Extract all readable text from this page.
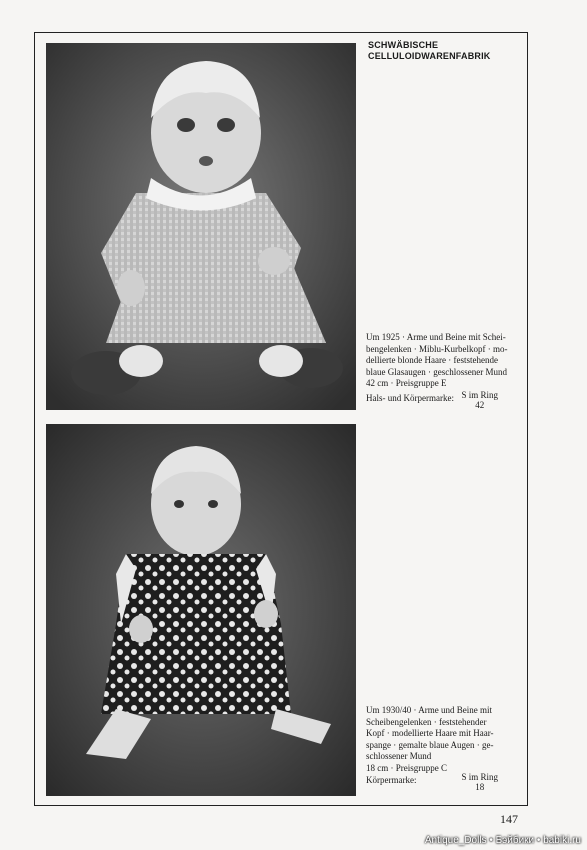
SCHWÄBISCHE
CELLULOIDWARENFABRIK

Um 1925 · Arme und Beine mit Schei-

bengelenken · Miblu-Kurbelkopf · mo-

dellierte blonde Haare · feststehende

blaue Glasaugen · geschlossener Mund

42 cm · Preisgruppe E

Hals- und Körpermarke: S im Ring
42

Um 1930/40 · Arme und Beine mit

Scheibengelenken · feststehender

Kopf · modellierte Haare mit Haar-

spange · gemalte blaue Augen · ge-

schlossener Mund

18 cm · Preisgruppe C

Körpermarke:	S im Ring
18
147
Antique_Dolls • Бэйбики • babiki.ru
